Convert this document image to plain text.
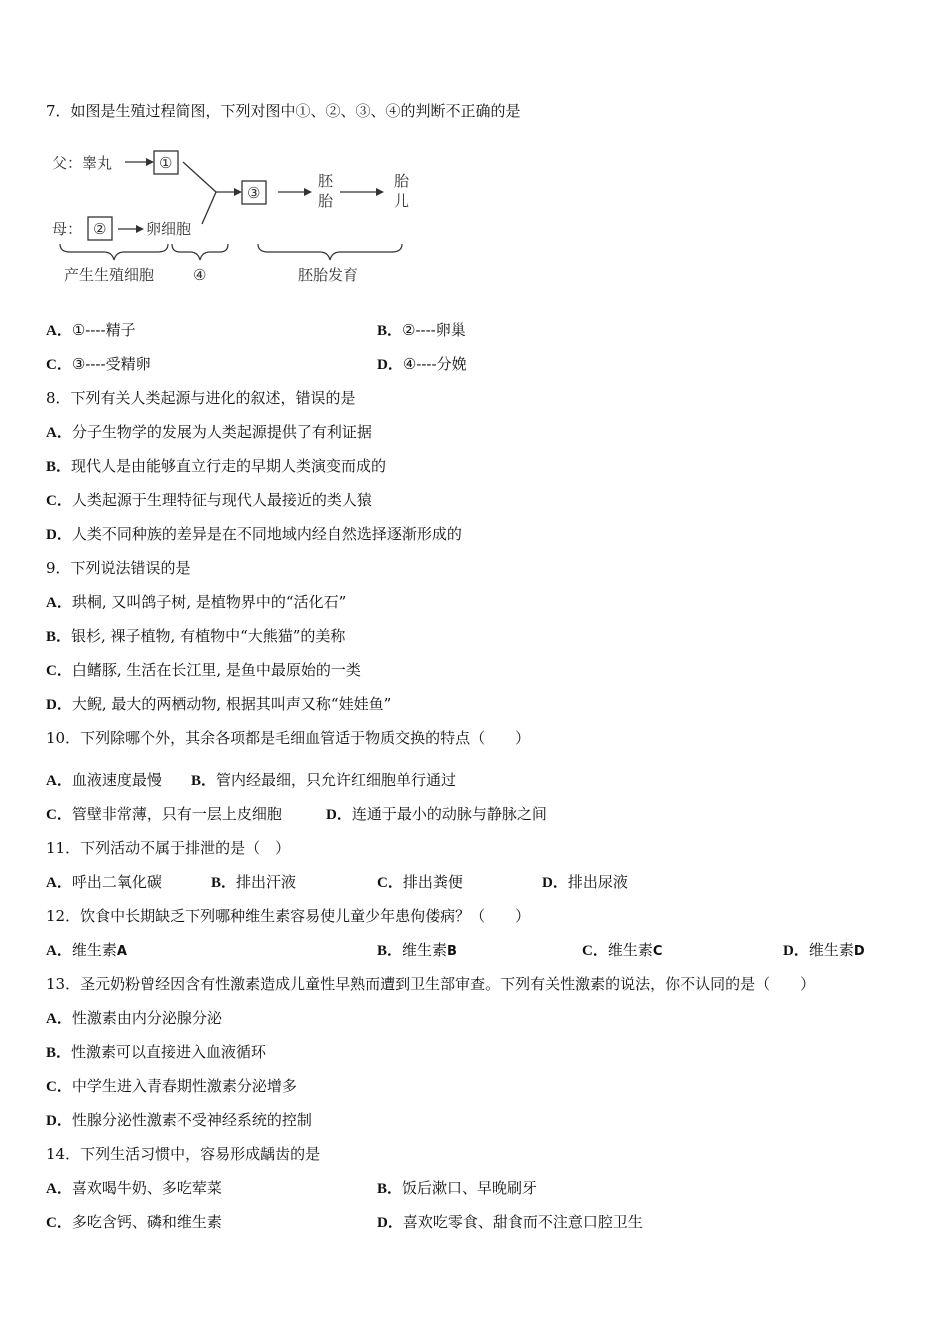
7．如图是生殖过程简图，下列对图中①、②、③、④的判断不正确的是
父：睾丸	①
母： ②	卵细胞
③
胚
胎
胎
儿
产生生殖细胞	④	胚胎发育
A．①----精子	B．②----卵巢
C．③----受精卵	D．④----分娩
8．下列有关人类起源与进化的叙述，错误的是
A．分子生物学的发展为人类起源提供了有利证据
B．现代人是由能够直立行走的早期人类演变而成的
C．人类起源于生理特征与现代人最接近的类人猿
D．人类不同种族的差异是在不同地域内经自然选择逐渐形成的
9．下列说法错误的是
A．珙桐, 又叫鸽子树, 是植物界中的“活化石”
B．银杉, 裸子植物, 有植物中“大熊猫”的美称
C．白鳍豚, 生活在长江里, 是鱼中最原始的一类
D．大鲵, 最大的两栖动物, 根据其叫声又称“娃娃鱼”
10．下列除哪个外，其余各项都是毛细血管适于物质交换的特点（　　）
A．血液速度最慢 B．管内经最细，只允许红细胞单行通过
C．管壁非常薄，只有一层上皮细胞	D．连通于最小的动脉与静脉之间
11．下列活动不属于排泄的是（　）
A．呼出二氧化碳	B．排出汗液	C．排出粪便	D．排出尿液
12．饮食中长期缺乏下列哪种维生素容易使儿童少年患佝偻病？（　　）
A．维生素A	B．维生素B	C．维生素C	D．维生素D
13．圣元奶粉曾经因含有性激素造成儿童性早熟而遭到卫生部审查。下列有关性激素的说法，你不认同的是（　　）
A．性激素由内分泌腺分泌
B．性激素可以直接进入血液循环
C．中学生进入青春期性激素分泌增多
D．性腺分泌性激素不受神经系统的控制
14．下列生活习惯中，容易形成龋齿的是
A．喜欢喝牛奶、多吃荤菜	B．饭后漱口、早晚刷牙
C．多吃含钙、磷和维生素	D．喜欢吃零食、甜食而不注意口腔卫生
